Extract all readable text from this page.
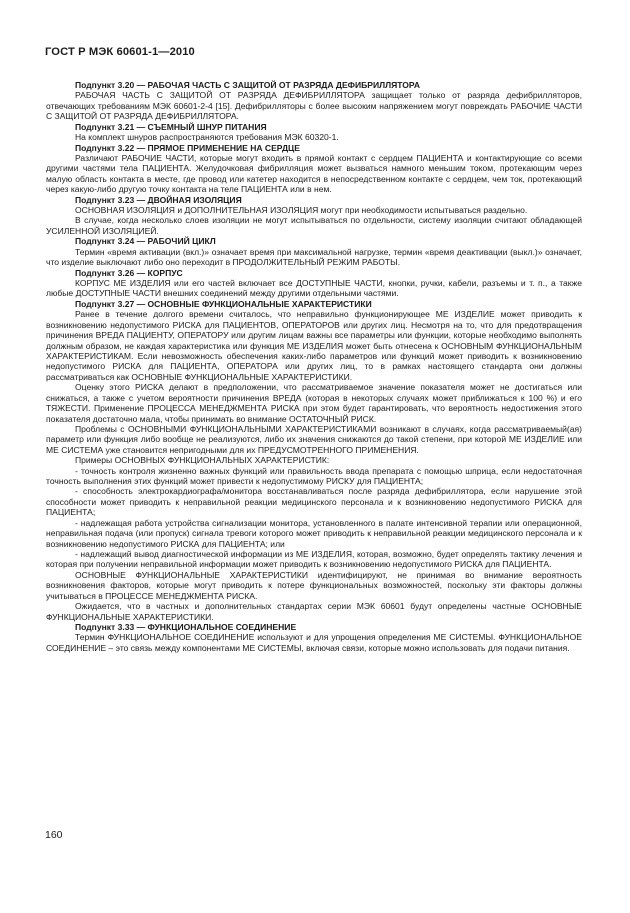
ГОСТ Р МЭК 60601-1—2010

Подпункт 3.20 — РАБОЧАЯ ЧАСТЬ С ЗАЩИТОЙ ОТ РАЗРЯДА ДЕФИБРИЛЛЯТОРА

РАБОЧАЯ ЧАСТЬ С ЗАЩИТОЙ ОТ РАЗРЯДА ДЕФИБРИЛЛЯТОРА защищает только от разряда дефибрилляторов, отвечающих требованиям МЭК 60601-2-4 [15]. Дефибрилляторы с более высоким напряжением могут повреждать РАБОЧИЕ ЧАСТИ С ЗАЩИТОЙ ОТ РАЗРЯДА ДЕФИБРИЛЛЯТОРА.

Подпункт 3.21 — СЪЕМНЫЙ ШНУР ПИТАНИЯ

На комплект шнуров распространяются требования МЭК 60320-1.

Подпункт 3.22 — ПРЯМОЕ ПРИМЕНЕНИЕ НА СЕРДЦЕ

Различают РАБОЧИЕ ЧАСТИ, которые могут входить в прямой контакт с сердцем ПАЦИЕНТА и контактирующие со всеми другими частями тела ПАЦИЕНТА. Желудочковая фибрилляция может вызваться намного меньшим током, протекающим через малую область контакта в месте, где провод или катетер находится в непосредственном контакте с сердцем, чем ток, протекающий через какую-либо другую точку контакта на теле ПАЦИЕНТА или в нем.

Подпункт 3.23 — ДВОЙНАЯ ИЗОЛЯЦИЯ

ОСНОВНАЯ ИЗОЛЯЦИЯ и ДОПОЛНИТЕЛЬНАЯ ИЗОЛЯЦИЯ могут при необходимости испытываться раздельно.

В случае, когда несколько слоев изоляции не могут испытываться по отдельности, систему изоляции считают обладающей УСИЛЕННОЙ ИЗОЛЯЦИЕЙ.

Подпункт 3.24 — РАБОЧИЙ ЦИКЛ

Термин «время активации (вкл.)» означает время при максимальной нагрузке, термин «время деактивации (выкл.)» означает, что изделие выключают либо оно переходит в ПРОДОЛЖИТЕЛЬНЫЙ РЕЖИМ РАБОТЫ.

Подпункт 3.26 — КОРПУС

КОРПУС МЕ ИЗДЕЛИЯ или его частей включает все ДОСТУПНЫЕ ЧАСТИ, кнопки, ручки, кабели, разъемы и т. п., а также любые ДОСТУПНЫЕ ЧАСТИ внешних соединений между другими отдельными частями.

Подпункт 3.27 — ОСНОВНЫЕ ФУНКЦИОНАЛЬНЫЕ ХАРАКТЕРИСТИКИ

Ранее в течение долгого времени считалось, что неправильно функционирующее МЕ ИЗДЕЛИЕ может приводить к возникновению недопустимого РИСКА для ПАЦИЕНТОВ, ОПЕРАТОРОВ или других лиц. Несмотря на то, что для предотвращения причинения ВРЕДА ПАЦИЕНТУ, ОПЕРАТОРУ или другим лицам важны все параметры или функции, которые необходимо выполнять должным образом, не каждая характеристика или функция МЕ ИЗДЕЛИЯ может быть отнесена к ОСНОВНЫМ ФУНКЦИОНАЛЬНЫМ ХАРАКТЕРИСТИКАМ. Если невозможность обеспечения каких-либо параметров или функций может приводить к возникновению недопустимого РИСКА для ПАЦИЕНТА, ОПЕРАТОРА или других лиц, то в рамках настоящего стандарта они должны рассматриваться как ОСНОВНЫЕ ФУНКЦИОНАЛЬНЫЕ ХАРАКТЕРИСТИКИ.

Оценку этого РИСКА делают в предположении, что рассматриваемое значение показателя может не достигаться или снижаться, а также с учетом вероятности причинения ВРЕДА (которая в некоторых случаях может приближаться к 100 %) и его ТЯЖЕСТИ. Применение ПРОЦЕССА МЕНЕДЖМЕНТА РИСКА при этом будет гарантировать, что вероятность недостижения этого показателя достаточно мала, чтобы принимать во внимание ОСТАТОЧНЫЙ РИСК.

Проблемы с ОСНОВНЫМИ ФУНКЦИОНАЛЬНЫМИ ХАРАКТЕРИСТИКАМИ возникают в случаях, когда рассматриваемый(ая) параметр или функция либо вообще не реализуются, либо их значения снижаются до такой степени, при которой МЕ ИЗДЕЛИЕ или МЕ СИСТЕМА уже становится непригодными для их ПРЕДУСМОТРЕННОГО ПРИМЕНЕНИЯ.

Примеры ОСНОВНЫХ ФУНКЦИОНАЛЬНЫХ ХАРАКТЕРИСТИК:

- точность контроля жизненно важных функций или правильность ввода препарата с помощью шприца, если недостаточная точность выполнения этих функций может привести к недопустимому РИСКУ для ПАЦИЕНТА;

- способность электрокардиографа/монитора восстанавливаться после разряда дефибриллятора, если нарушение этой способности может приводить к неправильной реакции медицинского персонала и к возникновению недопустимого РИСКА для ПАЦИЕНТА;

- надлежащая работа устройства сигнализации монитора, установленного в палате интенсивной терапии или операционной, неправильная подача (или пропуск) сигнала тревоги которого может приводить к неправильной реакции медицинского персонала и к возникновению недопустимого РИСКА для ПАЦИЕНТА; или

- надлежащий вывод диагностической информации из МЕ ИЗДЕЛИЯ, которая, возможно, будет определять тактику лечения и которая при получении неправильной информации может приводить к возникновению недопустимого РИСКА для ПАЦИЕНТА.

ОСНОВНЫЕ ФУНКЦИОНАЛЬНЫЕ ХАРАКТЕРИСТИКИ идентифицируют, не принимая во внимание вероятность возникновения факторов, которые могут приводить к потере функциональных возможностей, поскольку эти факторы должны учитываться в ПРОЦЕССЕ МЕНЕДЖМЕНТА РИСКА.

Ожидается, что в частных и дополнительных стандартах серии МЭК 60601 будут определены частные ОСНОВНЫЕ ФУНКЦИОНАЛЬНЫЕ ХАРАКТЕРИСТИКИ.

Подпункт 3.33 — ФУНКЦИОНАЛЬНОЕ СОЕДИНЕНИЕ

Термин ФУНКЦИОНАЛЬНОЕ СОЕДИНЕНИЕ используют и для упрощения определения МЕ СИСТЕМЫ. ФУНКЦИОНАЛЬНОЕ СОЕДИНЕНИЕ – это связь между компонентами МЕ СИСТЕМЫ, включая связи, которые можно использовать для подачи питания.

160
